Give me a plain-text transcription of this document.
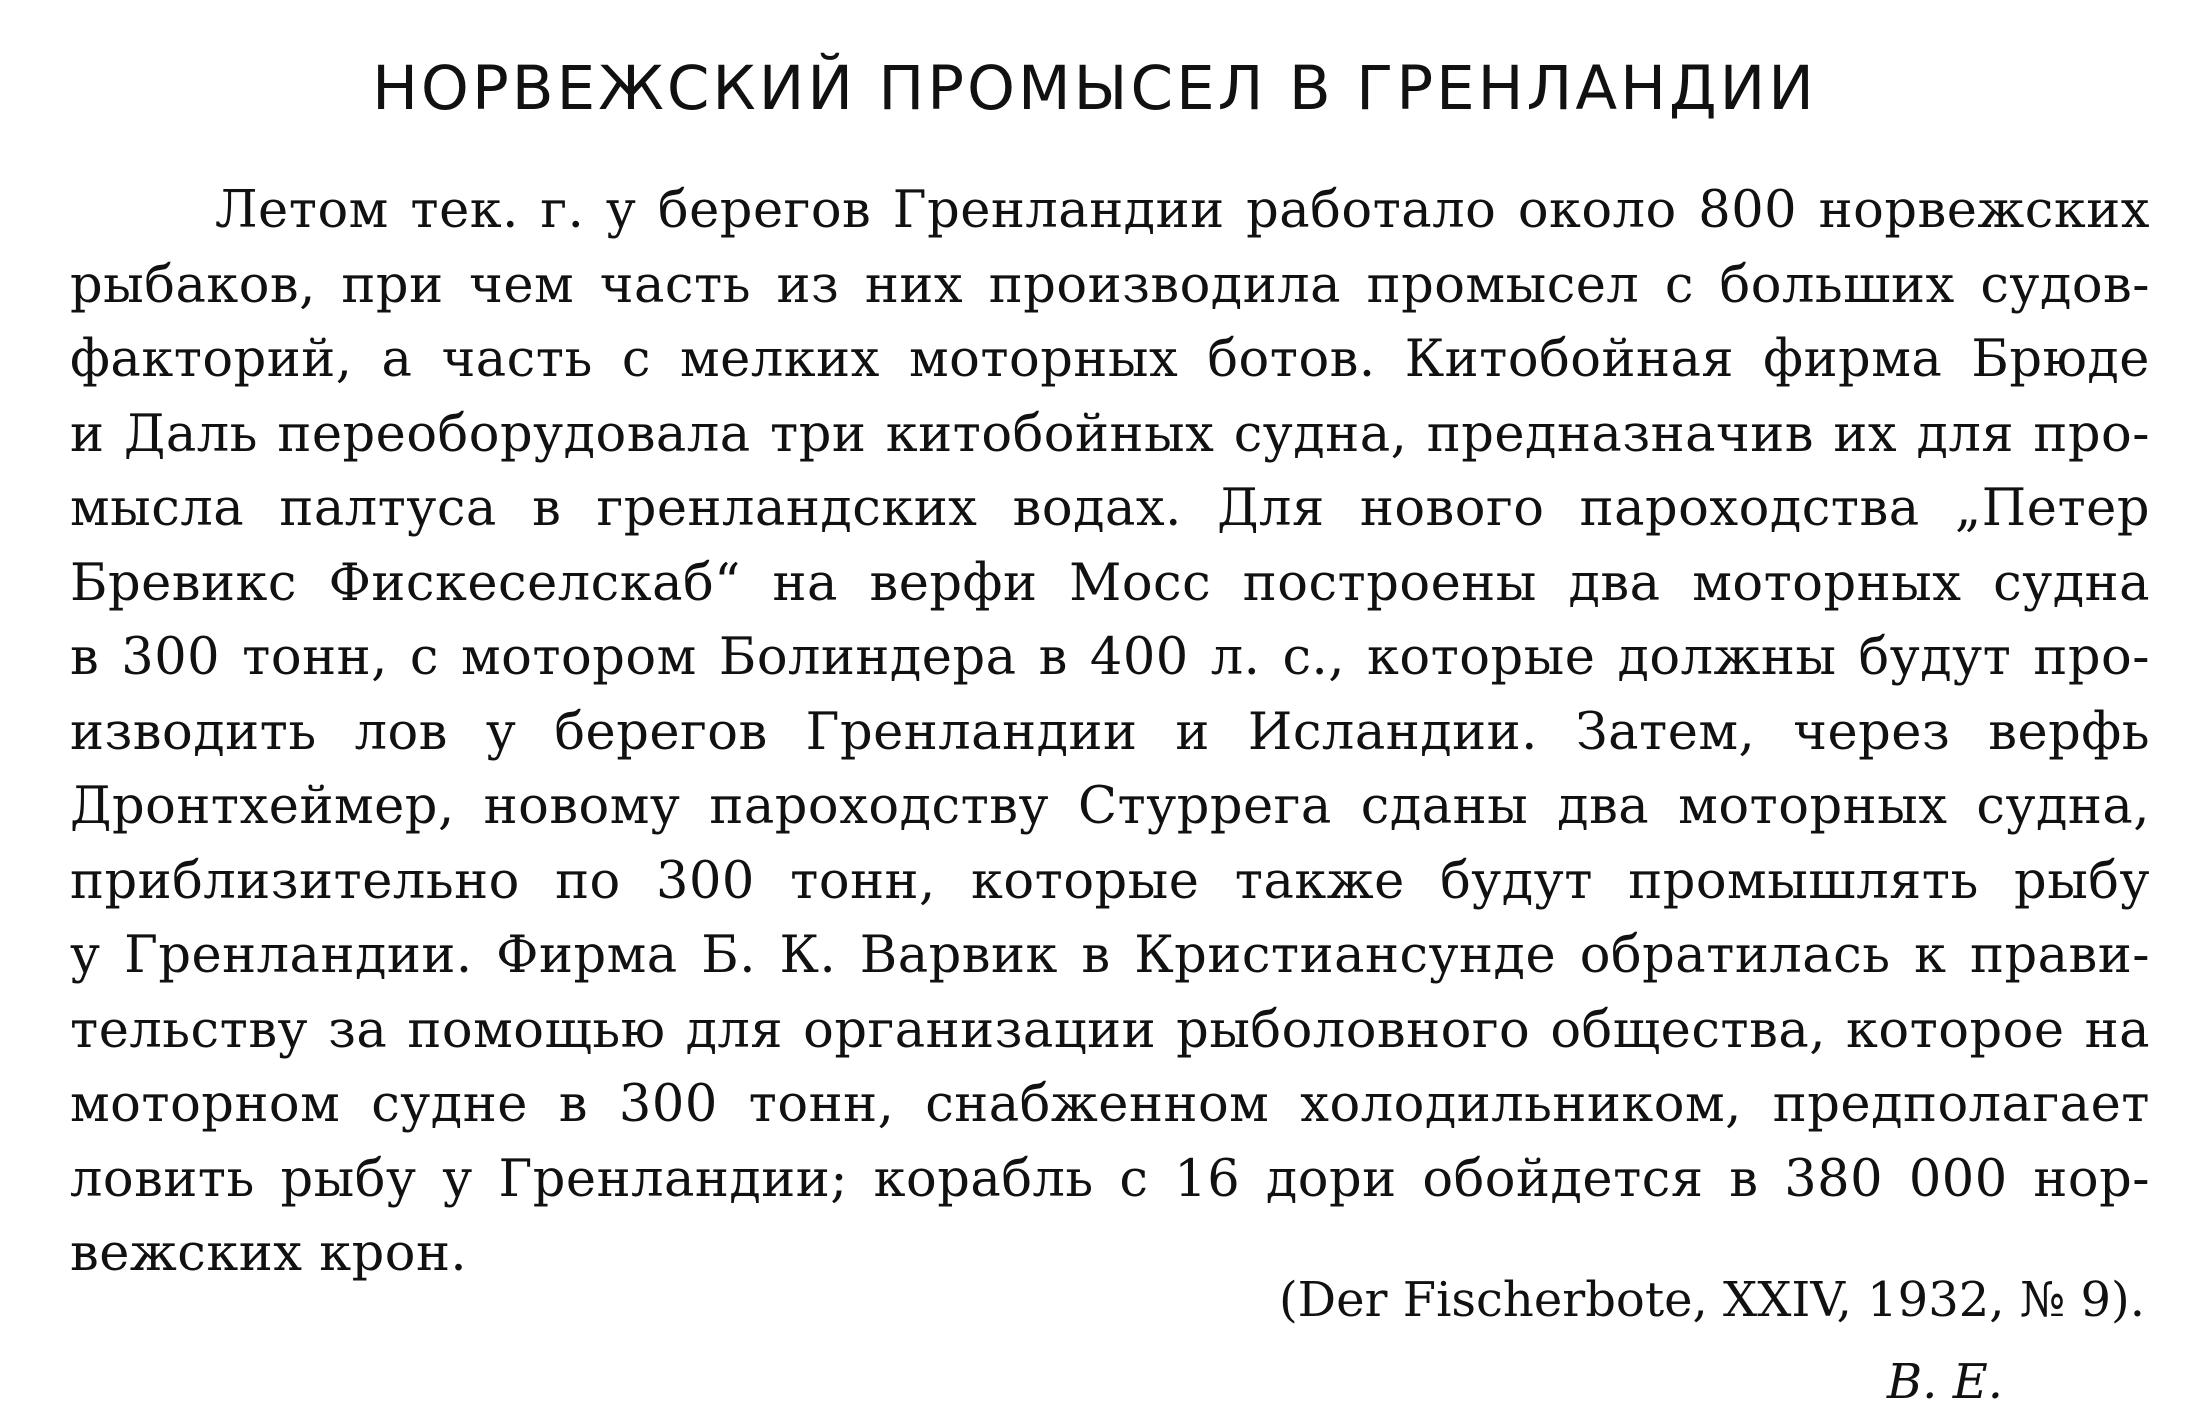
НОРВЕЖСКИЙ ПРОМЫСЕЛ В ГРЕНЛАНДИИ
Летом тек. г. у берегов Гренландии работало около 800 норвежских
рыбаков, при чем часть из них производила промысел с больших судов-
факторий, а часть с мелких моторных ботов. Китобойная фирма Брюде
и Даль переоборудовала три китобойных судна, предназначив их для про-
мысла палтуса в гренландских водах. Для нового пароходства „Петер
Бревикс Фискеселскаб“ на верфи Мосс построены два моторных судна
в 300 тонн, с мотором Болиндера в 400 л. с., которые должны будут про-
изводить лов у берегов Гренландии и Исландии. Затем, через верфь
Дронтхеймер, новому пароходству Стуррега сданы два моторных судна,
приблизительно по 300 тонн, которые также будут промышлять рыбу
у Гренландии. Фирма Б. К. Варвик в Кристиансунде обратилась к прави-
тельству за помощью для организации рыболовного общества, которое на
моторном судне в 300 тонн, снабженном холодильником, предполагает
ловить рыбу у Гренландии; корабль с 16 дори обойдется в 380 000 нор-
вежских крон.
(Der Fischerbote, XXIV, 1932, № 9).
В. Е.
